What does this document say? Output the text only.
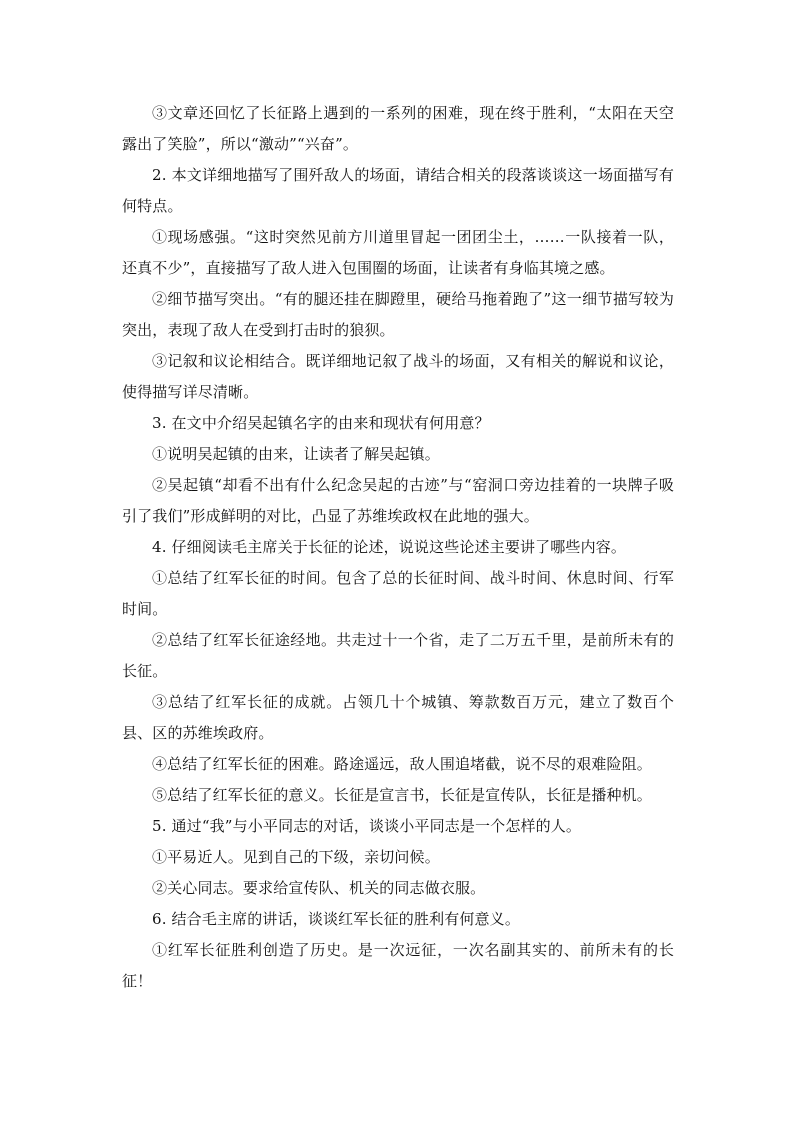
③文章还回忆了长征路上遇到的一系列的困难，现在终于胜利，“太阳在天空露出了笑脸”，所以“激动”“兴奋”。

2. 本文详细地描写了围歼敌人的场面，请结合相关的段落谈谈这一场面描写有何特点。

①现场感强。“这时突然见前方川道里冒起一团团尘土，……一队接着一队，还真不少”，直接描写了敌人进入包围圈的场面，让读者有身临其境之感。

②细节描写突出。“有的腿还挂在脚蹬里，硬给马拖着跑了”这一细节描写较为突出，表现了敌人在受到打击时的狼狈。

③记叙和议论相结合。既详细地记叙了战斗的场面，又有相关的解说和议论，使得描写详尽清晰。

3. 在文中介绍吴起镇名字的由来和现状有何用意？

①说明吴起镇的由来，让读者了解吴起镇。

②吴起镇“却看不出有什么纪念吴起的古迹”与“窑洞口旁边挂着的一块牌子吸引了我们”形成鲜明的对比，凸显了苏维埃政权在此地的强大。

4. 仔细阅读毛主席关于长征的论述，说说这些论述主要讲了哪些内容。

①总结了红军长征的时间。包含了总的长征时间、战斗时间、休息时间、行军时间。

②总结了红军长征途经地。共走过十一个省，走了二万五千里，是前所未有的长征。

③总结了红军长征的成就。占领几十个城镇、筹款数百万元，建立了数百个县、区的苏维埃政府。

④总结了红军长征的困难。路途遥远，敌人围追堵截，说不尽的艰难险阻。

⑤总结了红军长征的意义。长征是宣言书，长征是宣传队，长征是播种机。

5. 通过“我”与小平同志的对话，谈谈小平同志是一个怎样的人。

①平易近人。见到自己的下级，亲切问候。

②关心同志。要求给宣传队、机关的同志做衣服。

6. 结合毛主席的讲话，谈谈红军长征的胜利有何意义。

①红军长征胜利创造了历史。是一次远征，一次名副其实的、前所未有的长征！
